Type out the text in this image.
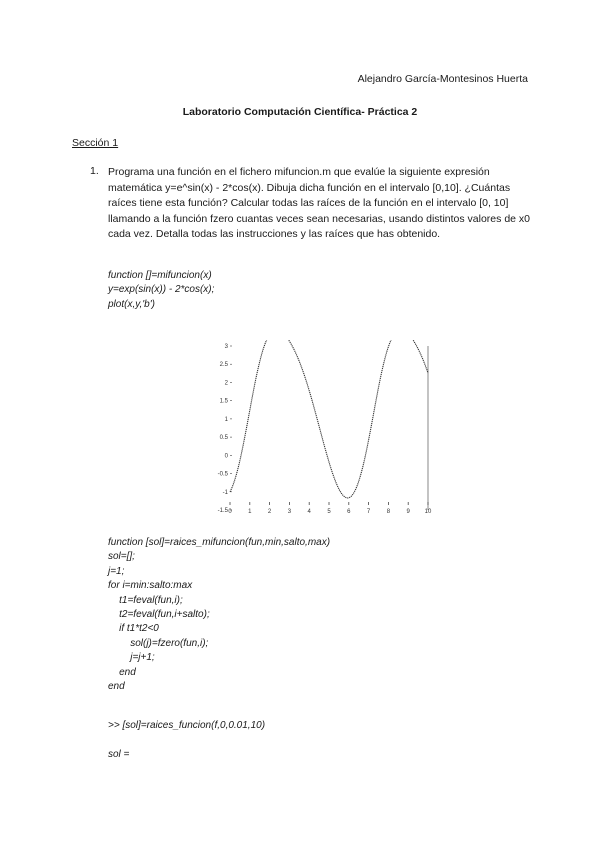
Alejandro García-Montesinos Huerta
Laboratorio Computación Científica- Práctica 2
Sección 1
1. Programa una función en el fichero mifuncion.m que evalúe la siguiente expresión matemática y=e^sin(x) - 2*cos(x). Dibuja dicha función en el intervalo [0,10]. ¿Cuántas raíces tiene esta función? Calcular todas las raíces de la función en el intervalo [0, 10] llamando a la función fzero cuantas veces sean necesarias, usando distintos valores de x0 cada vez. Detalla todas las instrucciones y las raíces que has obtenido.
function []=mifuncion(x)
y=exp(sin(x)) - 2*cos(x);
plot(x,y,'b')
0	1	2	3	4	5	6	7	8	9 10
-1.5
-1
-0.5
0
0.5
1
1.5
2
2.5
3
function [sol]=raices_mifuncion(fun,min,salto,max)
sol=[];
j=1;
for i=min:salto:max
t1=feval(fun,i);
t2=feval(fun,i+salto);
if t1*t2<0
sol(j)=fzero(fun,i);
j=j+1;
end
end
>> [sol]=raices_funcion(f,0,0.01,10)
sol =
